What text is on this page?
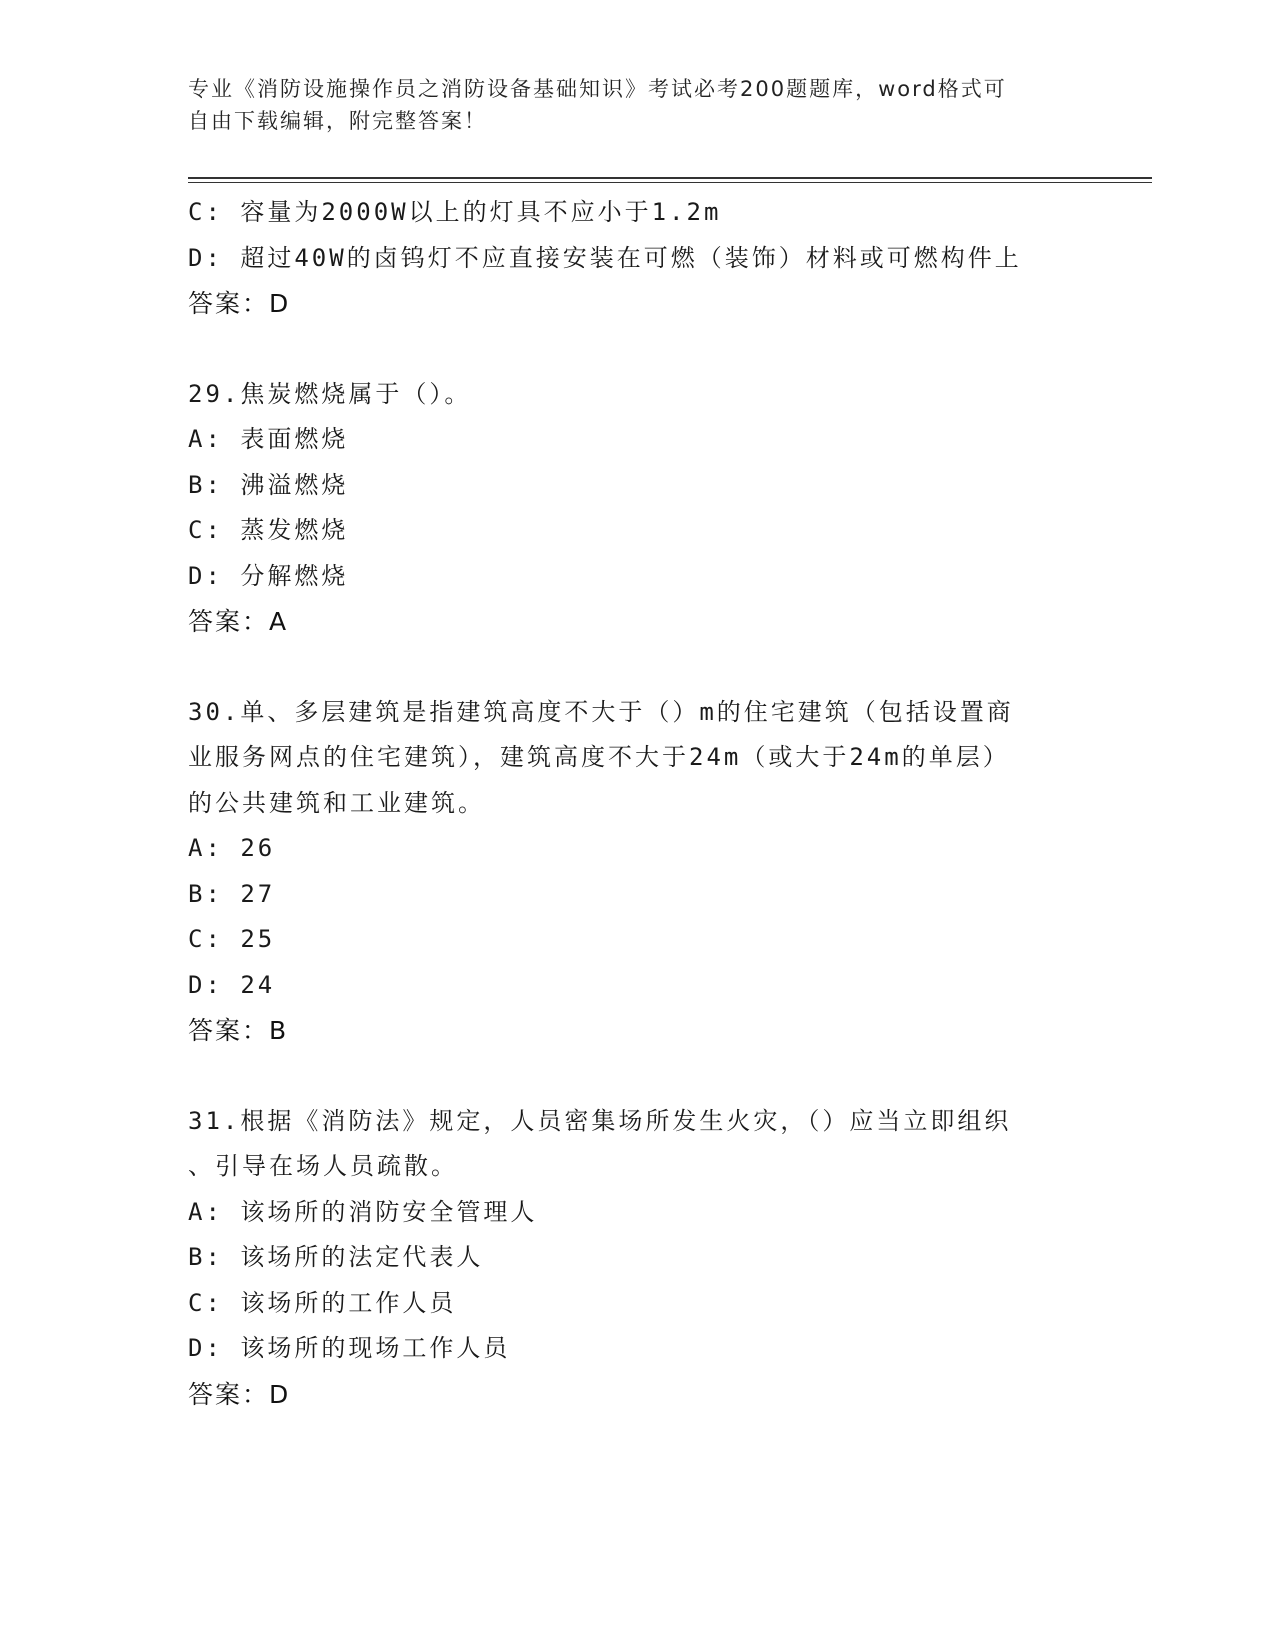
专业《消防设施操作员之消防设备基础知识》考试必考200题题库，word格式可
自由下载编辑，附完整答案！
C: 容量为2000W以上的灯具不应小于1.2m
D: 超过40W的卤钨灯不应直接安装在可燃（装饰）材料或可燃构件上
答案：D
29.焦炭燃烧属于（）。
A: 表面燃烧
B: 沸溢燃烧
C: 蒸发燃烧
D: 分解燃烧
答案：A
30.单、多层建筑是指建筑高度不大于（）m的住宅建筑（包括设置商
业服务网点的住宅建筑），建筑高度不大于24m（或大于24m的单层）
的公共建筑和工业建筑。
A: 26
B: 27
C: 25
D: 24
答案：B
31.根据《消防法》规定，人员密集场所发生火灾，（）应当立即组织
、引导在场人员疏散。
A: 该场所的消防安全管理人
B: 该场所的法定代表人
C: 该场所的工作人员
D: 该场所的现场工作人员
答案：D
